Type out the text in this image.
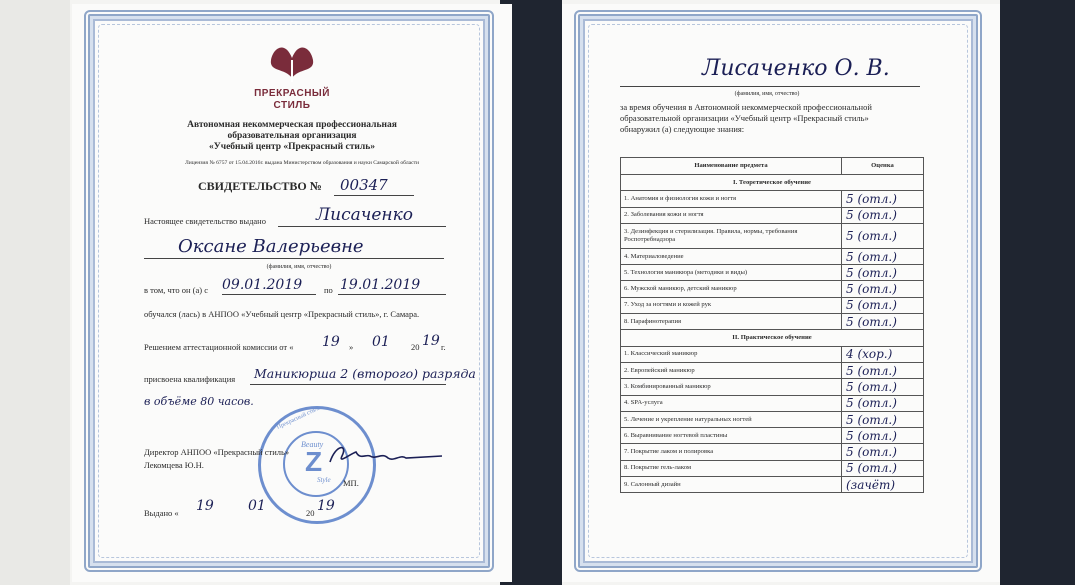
ПРЕКРАСНЫЙ
СТИЛЬ
Автономная некоммерческая профессиональная
образовательная организация
«Учебный центр «Прекрасный стиль»
Лицензия № 6757 от 15.04.2016г. выдана Министерством образования и науки Самарской области
СВИДЕТЕЛЬСТВО № 00347
Настоящее свидетельство выдано	Лисаченко
Оксане Валерьевне
(фамилия, имя, отчество)
в том, что он (а) с 09.01.2019	по 19.01.2019
обучался (лась) в АНПОО «Учебный центр «Прекрасный стиль», г. Самара.
Решением аттестационной комиссии от « 19 » 01 20 19 г.
присвоена квалификация Маникюрша 2 (второго) разряда
в объёме 80 часов.
Прекрасный стиль
Beauty
Z
Style
Директор АНПОО «Прекрасный стиль»
Лекомцева Ю.Н.
МП.
Выдано « 19 01	20 19
Лисаченко О. В.
(фамилия, имя, отчество)
за время обучения в Автономной некоммерческой профессиональной
образовательной организации «Учебный центр «Прекрасный стиль»
обнаружил (а) следующие знания:
Наименование предмета	Оценка
I. Теоретическое обучение	
1. Анатомия и физиология кожи и ногтя	5 (отл.)
2. Заболевания кожи и ногтя	5 (отл.)
3. Дезинфекция и стерилизация. Правила, нормы, требования Роспотребнадзора	5 (отл.)
4. Материаловедение	5 (отл.)
5. Технология маникюра (методики и виды)	5 (отл.)
6. Мужской маникюр, детский маникюр	5 (отл.)
7. Уход за ногтями и кожей рук	5 (отл.)
8. Парафинотерапия	5 (отл.)
II. Практическое обучение	
1. Классический маникюр	4 (хор.)
2. Европейский маникюр	5 (отл.)
3. Комбинированный маникюр	5 (отл.)
4. SPA-услуга	5 (отл.)
5. Лечение и укрепление натуральных ногтей	5 (отл.)
6. Выравнивание ногтевой пластины	5 (отл.)
7. Покрытие лаком и полировка	5 (отл.)
8. Покрытие гель-лаком	5 (отл.)
9. Салонный дизайн	(зачёт)
